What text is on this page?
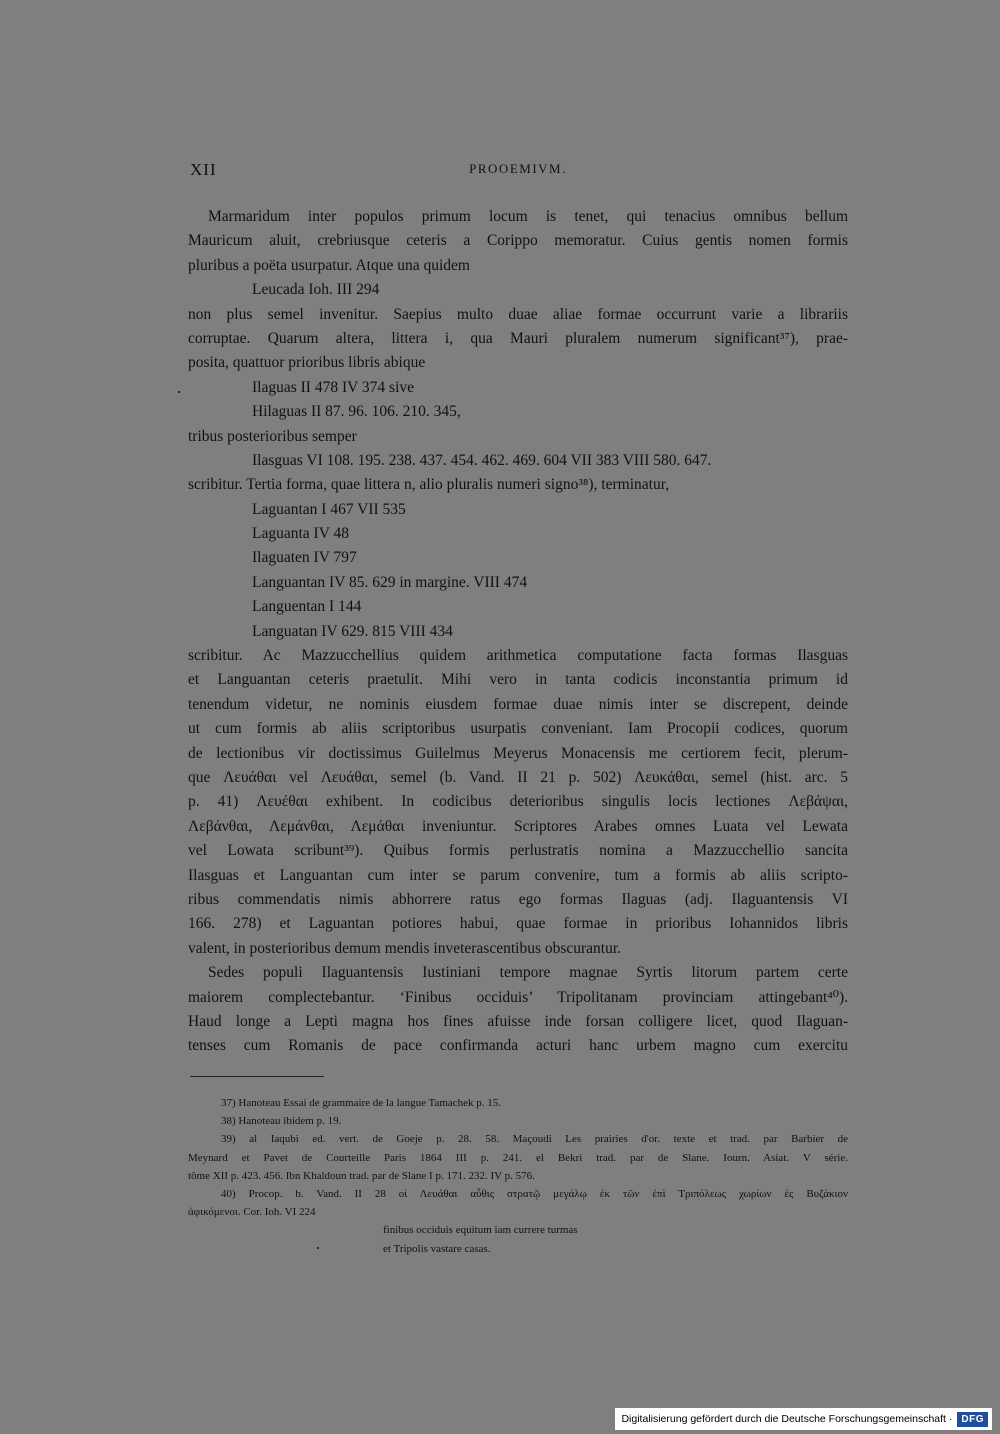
XII	PROOEMIVM.
Marmaridum inter populos primum locum is tenet, qui tenacius omnibus bellum
Mauricum aluit, crebriusque ceteris a Corippo memoratur. Cuius gentis nomen formis
pluribus a poëta usurpatur. Atque una quidem
Leucada Ioh. III 294
non plus semel invenitur. Saepius multo duae aliae formae occurrunt varie a librariis
corruptae. Quarum altera, littera i, qua Mauri pluralem numerum significant³⁷), prae-
posita, quattuor prioribus libris abique
Ilaguas II 478 IV 374 sive
Hilaguas II 87. 96. 106. 210. 345,
tribus posterioribus semper
Ilasguas VI 108. 195. 238. 437. 454. 462. 469. 604 VII 383 VIII 580. 647.
scribitur. Tertia forma, quae littera n, alio pluralis numeri signo³⁸), terminatur,
Laguantan I 467 VII 535
Laguanta IV 48
Ilaguaten IV 797
Languantan IV 85. 629 in margine. VIII 474
Languentan I 144
Languatan IV 629. 815 VIII 434
scribitur. Ac Mazzucchellius quidem arithmetica computatione facta formas Ilasguas
et Languantan ceteris praetulit. Mihi vero in tanta codicis inconstantia primum id
tenendum videtur, ne nominis eiusdem formae duae nimis inter se discrepent, deinde
ut cum formis ab aliis scriptoribus usurpatis conveniant. Iam Procopii codices, quorum
de lectionibus vir doctissimus Guilelmus Meyerus Monacensis me certiorem fecit, plerum-
que Λευάθαι vel Λευάθαι, semel (b. Vand. II 21 p. 502) Λευκάθαι, semel (hist. arc. 5
p. 41) Λευέθαι exhibent. In codicibus deterioribus singulis locis lectiones Λεβάψαι,
Λεβάνθαι, Λεμάνθαι, Λεμάθαι inveniuntur. Scriptores Arabes omnes Luata vel Lewata
vel Lowata scribunt³⁹). Quibus formis perlustratis nomina a Mazzucchellio sancita
Ilasguas et Languantan cum inter se parum convenire, tum a formis ab aliis scripto-
ribus commendatis nimis abhorrere ratus ego formas Ilaguas (adj. Ilaguantensis VI
166. 278) et Laguantan potiores habui, quae formae in prioribus Iohannidos libris
valent, in posterioribus demum mendis inveterascentibus obscurantur.
Sedes populi Ilaguantensis Iustiniani tempore magnae Syrtis litorum partem certe
maiorem complectebantur. ‘Finibus occiduis’ Tripolitanam provinciam attingebant⁴⁰).
Haud longe a Lepti magna hos fines afuisse inde forsan colligere licet, quod Ilaguan-
tenses cum Romanis de pace confirmanda acturi hanc urbem magno cum exercitu
37) Hanoteau Essai de grammaire de la langue Tamachek p. 15.
38) Hanoteau ibidem p. 19.
39) al Iaqubi ed. vert. de Goeje p. 28. 58. Maçoudi Les prairies d'or. texte et trad. par Barbier de
Meynard et Pavet de Courteille Paris 1864 III p. 241. el Bekri trad. par de Slane. Iourn. Asiat. V série.
tôme XII p. 423. 456. Ibn Khaldoun trad. par de Slane I p. 171. 232. IV p. 576.
40) Procop. b. Vand. II 28 οἱ Λευάθαι αὖθις στρατῷ μεγάλῳ ἐκ τῶν ἐπὶ Τριπόλεως χωρίων ἐς Βυζάκιον
ἀφικόμενοι. Cor. Ioh. VI 224
finibus occiduis equitum iam currere turmas
et Tripolis vastare casas.
Digitalisierung gefördert durch die Deutsche Forschungsgemeinschaft · DFG
